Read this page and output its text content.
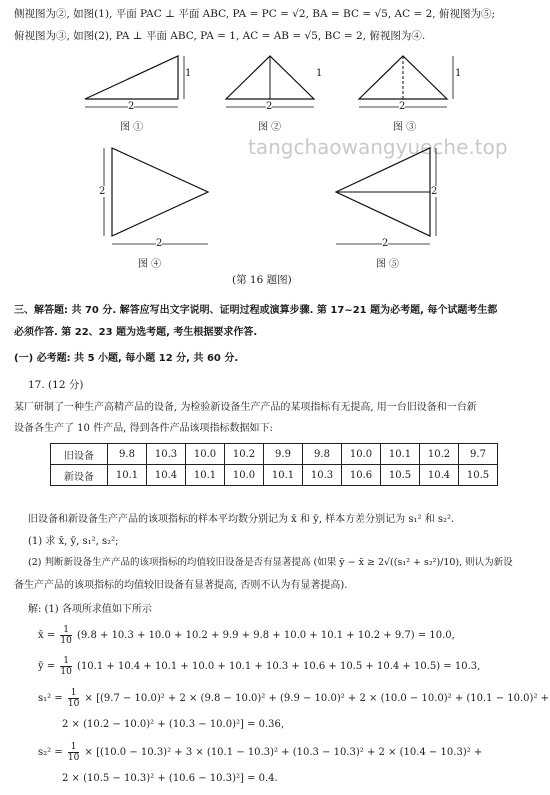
侧视图为②, 如图(1), 平面 PAC ⊥ 平面 ABC, PA = PC = √2, BA = BC = √5, AC = 2, 俯视图为⑤;
俯视图为③, 如图(2), PA ⊥ 平面 ABC, PA = 1, AC = AB = √5, BC = 2, 俯视图为④.
1
2
图 ①
1
2
图 ②
1
2
图 ③
tangchaowangyueche.top
2
2
图 ④
2
2
图 ⑤
(第 16 题图)
三、解答题: 共 70 分. 解答应写出文字说明、证明过程或演算步骤. 第 17~21 题为必考题, 每个试题考生都
必须作答. 第 22、23 题为选考题, 考生根据要求作答.
(一) 必考题: 共 5 小题, 每小题 12 分, 共 60 分.
17. (12 分)
某厂研制了一种生产高精产品的设备, 为检验新设备生产产品的某项指标有无提高, 用一台旧设备和一台新
设备各生产了 10 件产品, 得到各件产品该项指标数据如下:
旧设备	9.8	10.3	10.0	10.2	9.9	9.8	10.0	10.1	10.2	9.7
新设备	10.1	10.4	10.1	10.0	10.1	10.3	10.6	10.5	10.4	10.5
旧设备和新设备生产产品的该项指标的样本平均数分别记为 x̄ 和 ȳ, 样本方差分别记为 s₁² 和 s₂².
(1) 求 x̄, ȳ, s₁², s₂²;
(2) 判断新设备生产产品的该项指标的均值较旧设备是否有显著提高 (如果 ȳ − x̄ ≥ 2√((s₁² + s₂²)/10), 则认为新设
备生产产品的该项指标的均值较旧设备有显著提高, 否则不认为有显著提高).
解: (1) 各项所求值如下所示
x̄ = $\frac{1}{10} (9.8 + 10.3 + 10.0 + 10.2 + 9.9 + 9.8 + 10.0 + 10.1 + 10.2 + 9.7) = 10.0$,
ȳ = $\frac{1}{10} (10.1 + 10.4 + 10.1 + 10.0 + 10.1 + 10.3 + 10.6 + 10.5 + 10.4 + 10.5) = 10.3$,
$s_1^2 = \frac{1}{10} \times [(9.7 - 10.0)^2 + 2 \times (9.8 - 10.0)^2 + (9.9 - 10.0)^2 + 2 \times (10.0 - 10.0)^2 + (10.1 - 10.0)^2$ +
2 × (10.2 − 10.0)² + (10.3 − 10.0)²] = 0.36,
$s_2^2 = \frac{1}{10} \times [(10.0 - 10.3)^2 + 3 \times (10.1 - 10.3)^2 + (10.3 - 10.3)^2 + 2 \times (10.4 - 10.3)^2$ +
2 × (10.5 − 10.3)² + (10.6 − 10.3)²] = 0.4.
